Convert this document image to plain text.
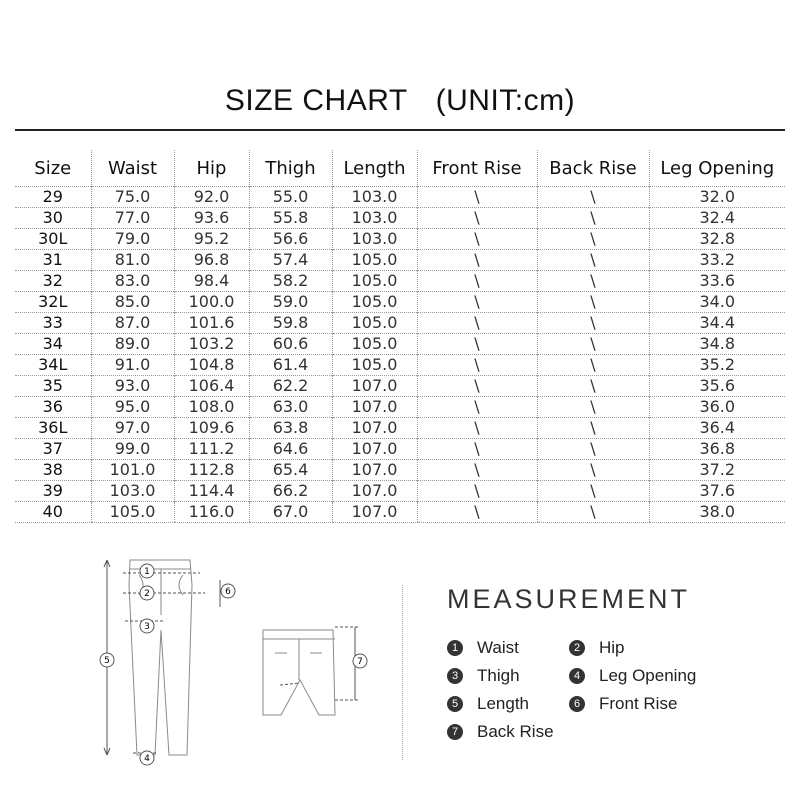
SIZE CHART (UNIT:cm)
Size	Waist	Hip	Thigh	Length	Front Rise	Back Rise	Leg Opening
29	75.0	92.0	55.0	103.0	\	\	32.0
30	77.0	93.6	55.8	103.0	\	\	32.4
30L	79.0	95.2	56.6	103.0	\	\	32.8
31	81.0	96.8	57.4	105.0	\	\	33.2
32	83.0	98.4	58.2	105.0	\	\	33.6
32L	85.0	100.0	59.0	105.0	\	\	34.0
33	87.0	101.6	59.8	105.0	\	\	34.4
34	89.0	103.2	60.6	105.0	\	\	34.8
34L	91.0	104.8	61.4	105.0	\	\	35.2
35	93.0	106.4	62.2	107.0	\	\	35.6
36	95.0	108.0	63.0	107.0	\	\	36.0
36L	97.0	109.6	63.8	107.0	\	\	36.4
37	99.0	111.2	64.6	107.0	\	\	36.8
38	101.0	112.8	65.4	107.0	\	\	37.2
39	103.0	114.4	66.2	107.0	\	\	37.6
40	105.0	116.0	67.0	107.0	\	\	38.0
1
2
3
4
5
6
7
MEASUREMENT
1 Waist	2 Hip
3 Thigh	4 Leg Opening
5 Length	6 Front Rise
7 Back Rise
